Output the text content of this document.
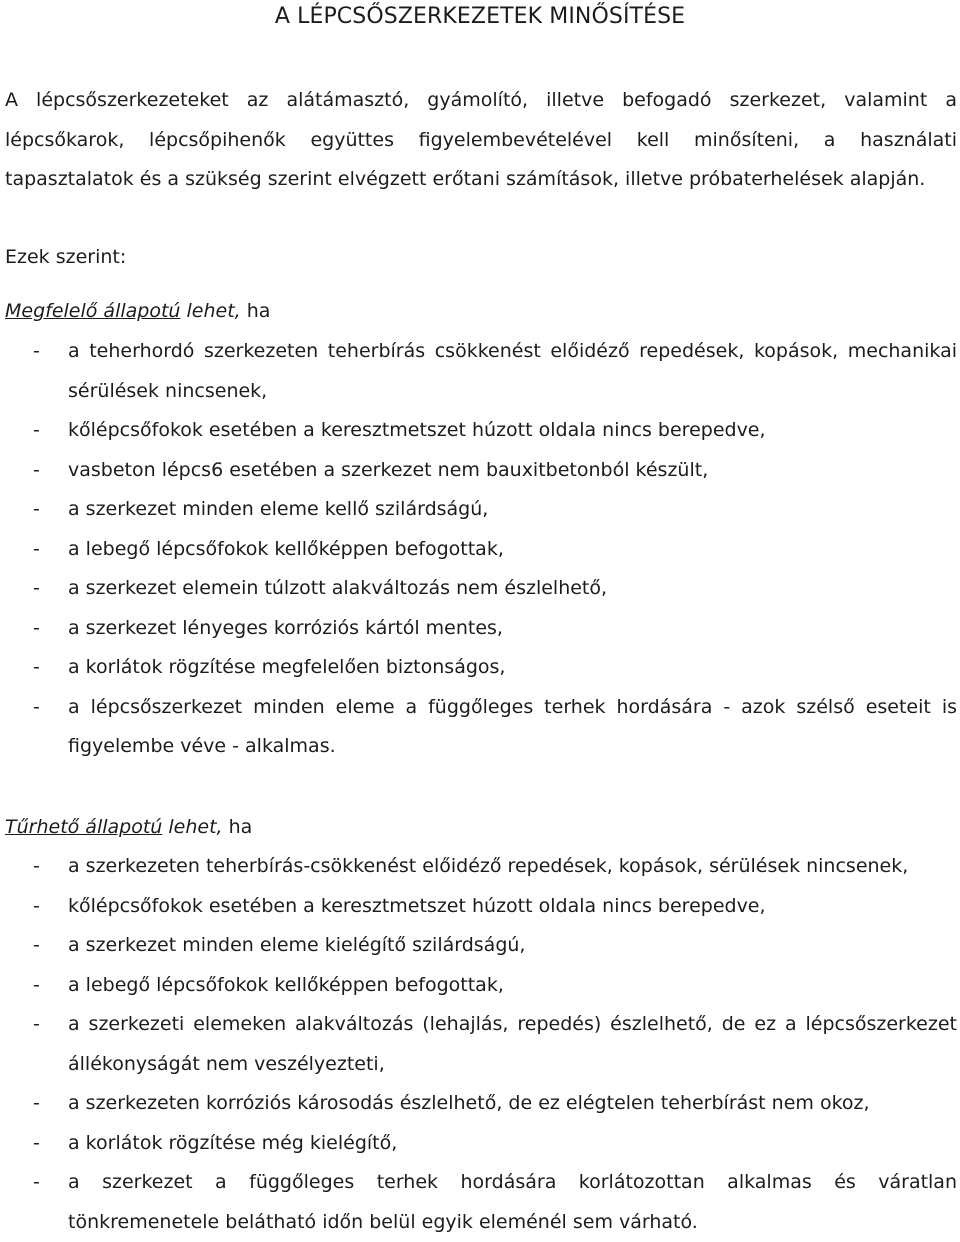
A LÉPCSŐSZERKEZETEK MINŐSÍTÉSE
A lépcsőszerkezeteket az alátámasztó, gyámolító, illetve befogadó szerkezet, valamint a lépcsőkarok, lépcsőpihenők együttes figyelembevételével kell minősíteni, a használati tapasztalatok és a szükség szerint elvégzett erőtani számítások, illetve próbaterhelések alapján.
Ezek szerint:
Megfelelő állapotú lehet, ha
- a teherhordó szerkezeten teherbírás csökkenést előidéző repedések, kopások, mechanikai sérülések nincsenek,
- kőlépcsőfokok esetében a keresztmetszet húzott oldala nincs berepedve,
- vasbeton lépcs6 esetében a szerkezet nem bauxitbetonból készült,
- a szerkezet minden eleme kellő szilárdságú,
- a lebegő lépcsőfokok kellőképpen befogottak,
- a szerkezet elemein túlzott alakváltozás nem észlelhető,
- a szerkezet lényeges korróziós kártól mentes,
- a korlátok rögzítése megfelelően biztonságos,
- a lépcsőszerkezet minden eleme a függőleges terhek hordására - azok szélső eseteit is figyelembe véve - alkalmas.
Tűrhető állapotú lehet, ha
- a szerkezeten teherbírás-csökkenést előidéző repedések, kopások, sérülések nincsenek,
- kőlépcsőfokok esetében a keresztmetszet húzott oldala nincs berepedve,
- a szerkezet minden eleme kielégítő szilárdságú,
- a lebegő lépcsőfokok kellőképpen befogottak,
- a szerkezeti elemeken alakváltozás (lehajlás, repedés) észlelhető, de ez a lépcsőszerkezet állékonyságát nem veszélyezteti,
- a szerkezeten korróziós károsodás észlelhető, de ez elégtelen teherbírást nem okoz,
- a korlátok rögzítése még kielégítő,
- a szerkezet a függőleges terhek hordására korlátozottan alkalmas és váratlan tönkremenetele belátható időn belül egyik eleménél sem várható.
